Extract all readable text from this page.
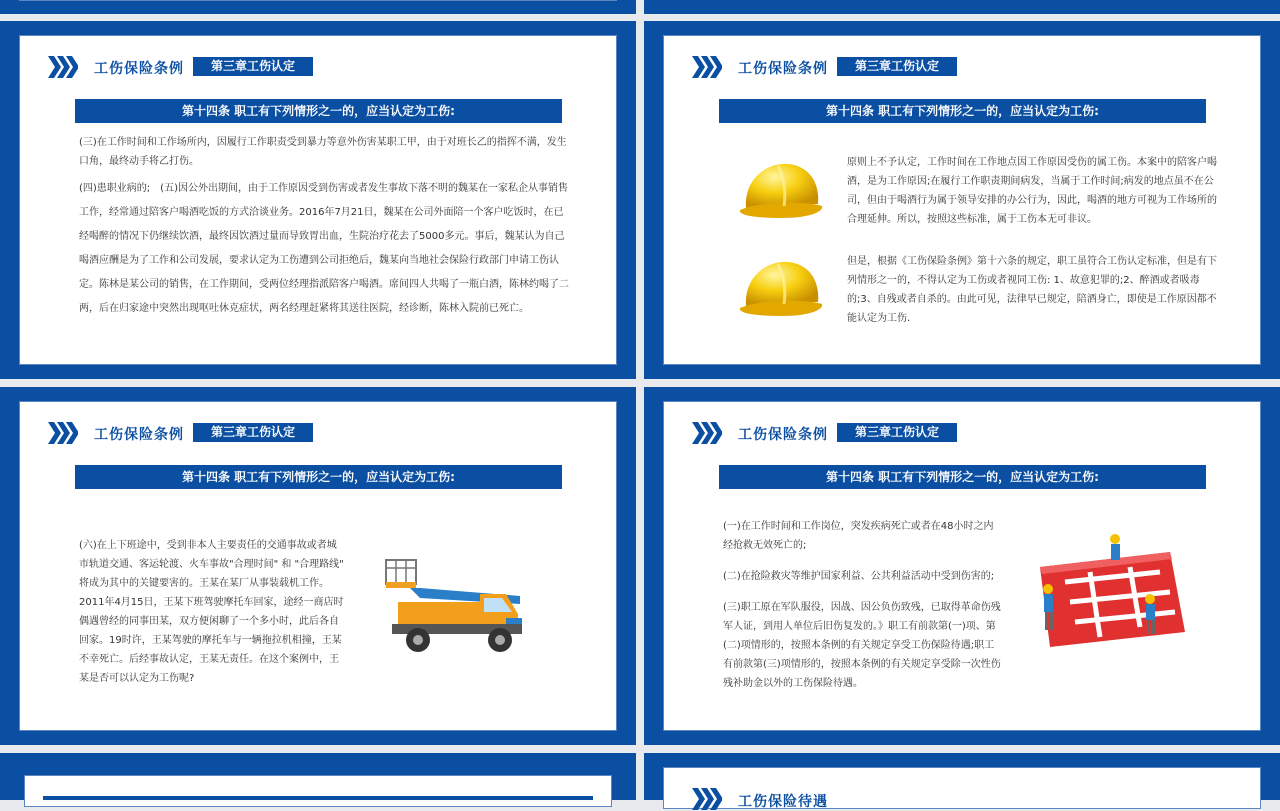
工伤保险条例	第三章工伤认定
第十四条 职工有下列情形之一的，应当认定为工伤:

(三)在工作时间和工作场所内，因履行工作职责受到暴力等意外伤害某职工甲，由于对班长乙的指挥不满，发生口角，最终动手将乙打伤。

(四)患职业病的;　(五)因公外出期间，由于工作原因受到伤害或者发生事故下落不明的魏某在一家私企从事销售工作，经常通过陪客户喝酒吃饭的方式洽谈业务。2016年7月21日，魏某在公司外面陪一个客户吃饭时，在已经喝醉的情况下仍继续饮酒，最终因饮酒过量而导致胃出血，生院治疗花去了5000多元。事后，魏某认为自己喝酒应酬是为了工作和公司发展，要求认定为工伤遭到公司拒绝后，魏某向当地社会保险行政部门申请工伤认定。陈林是某公司的销售，在工作期间，受两位经理指派陪客户喝酒。席间四人共喝了一瓶白酒，陈林约喝了二两，后在归家途中突然出现呕吐休克症状，两名经理赶紧将其送往医院，经诊断，陈林入院前已死亡。

工伤保险条例	第三章工伤认定
第十四条 职工有下列情形之一的，应当认定为工伤:

原则上不予认定，工作时间在工作地点因工作原因受伤的属工伤。本案中的陪客户喝酒，是为工作原因;在履行工作职责期间病发，当属于工作时间;病发的地点虽不在公司，但由于喝酒行为属于领导安排的办公行为，因此，喝酒的地方可视为工作场所的合理延伸。所以，按照这些标准，属于工伤本无可非议。

但是，根据《工伤保险条例》第十六条的规定，职工虽符合工伤认定标准，但是有下列情形之一的，不得认定为工伤或者视同工伤: 1、故意犯罪的;2、醉酒或者吸毒的;3、自残或者自杀的。由此可见，法律早已规定，陪酒身亡，即使是工作原因都不能认定为工伤.

工伤保险条例	第三章工伤认定
第十四条 职工有下列情形之一的，应当认定为工伤:

(六)在上下班途中，受到非本人主要责任的交通事故或者城市轨道交通、客运轮渡、火车事故"合理时间" 和 "合理路线" 将成为其中的关键要害的。王某在某厂从事装载机工作。2011年4月15日，王某下班驾驶摩托车回家，途经一商店时偶遇曾经的同事田某，双方便闲聊了一个多小时，此后各自回家。19时许，王某驾驶的摩托车与一辆拖拉机相撞，王某不幸死亡。后经事故认定，王某无责任。在这个案例中，王某是否可以认定为工伤呢?

工伤保险条例	第三章工伤认定
第十四条 职工有下列情形之一的，应当认定为工伤:

(一)在工作时间和工作岗位，突发疾病死亡或者在48小时之内经抢救无效死亡的;

(二)在抢险救灾等维护国家利益、公共利益活动中受到伤害的;

(三)职工原在军队服役，因战、因公负伤致残，已取得革命伤残军人证，到用人单位后旧伤复发的。》职工有前款第(一)项、第(二)项情形的，按照本条例的有关规定享受工伤保险待遇;职工有前款第(三)项情形的，按照本条例的有关规定享受除一次性伤残补助金以外的工伤保险待遇。

工伤保险待遇
